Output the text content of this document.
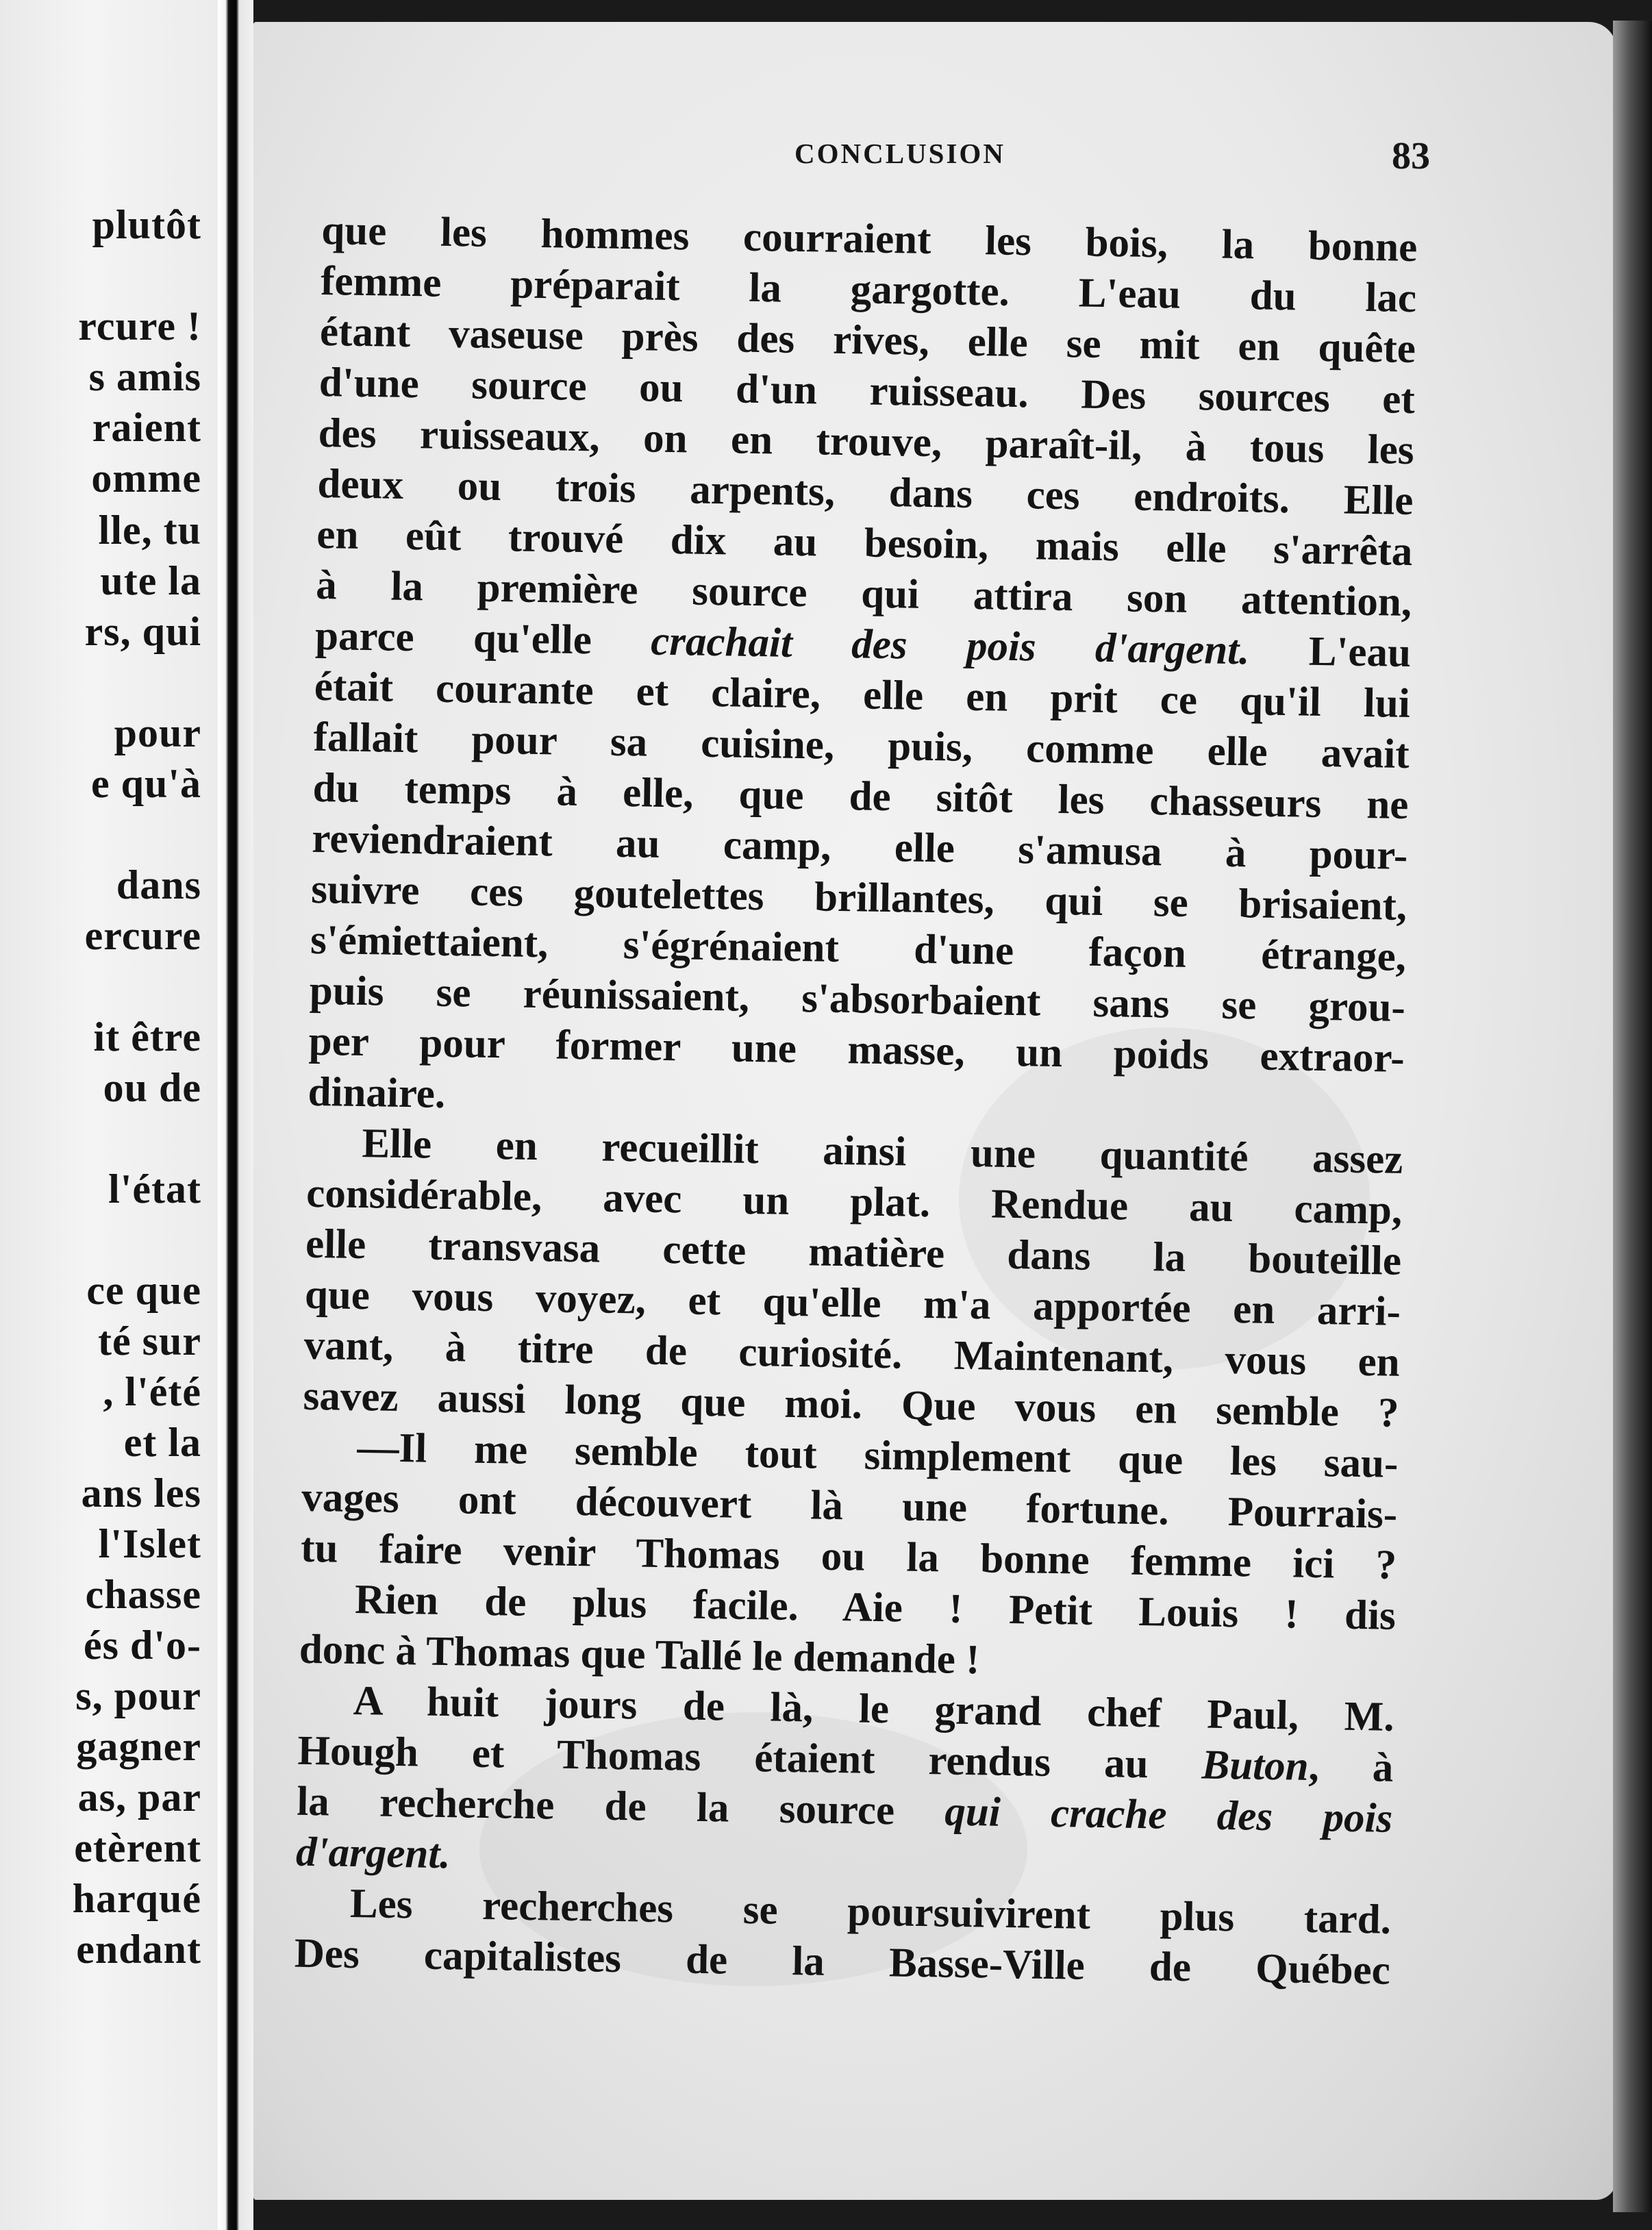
plutôt
rcure !
s amis
raient
omme
lle, tu
ute la
rs, qui
pour
e qu'à
dans
ercure
it être
ou de
l'état
ce que
té sur
, l'été
et la
ans les
l'Islet
chasse
és d'o-
s, pour
gagner
as, par
etèrent
harqué
endant
CONCLUSION	83
que les hommes courraient les bois, la bonne
femme préparait la gargotte. L'eau du lac
étant vaseuse près des rives, elle se mit en quête
d'une source ou d'un ruisseau. Des sources et
des ruisseaux, on en trouve, paraît-il, à tous les
deux ou trois arpents, dans ces endroits. Elle
en eût trouvé dix au besoin, mais elle s'arrêta
à la première source qui attira son attention,
parce qu'elle crachait des pois d'argent. L'eau
était courante et claire, elle en prit ce qu'il lui
fallait pour sa cuisine, puis, comme elle avait
du temps à elle, que de sitôt les chasseurs ne
reviendraient au camp, elle s'amusa à pour-
suivre ces goutelettes brillantes, qui se brisaient,
s'émiettaient, s'égrénaient d'une façon étrange,
puis se réunissaient, s'absorbaient sans se grou-
per pour former une masse, un poids extraor-
dinaire.
Elle en recueillit ainsi une quantité assez
considérable, avec un plat. Rendue au camp,
elle transvasa cette matière dans la bouteille
que vous voyez, et qu'elle m'a apportée en arri-
vant, à titre de curiosité. Maintenant, vous en
savez aussi long que moi. Que vous en semble ?
—Il me semble tout simplement que les sau-
vages ont découvert là une fortune. Pourrais-
tu faire venir Thomas ou la bonne femme ici ?
Rien de plus facile. Aie ! Petit Louis ! dis
donc à Thomas que Tallé le demande !
A huit jours de là, le grand chef Paul, M.
Hough et Thomas étaient rendus au Buton, à
la recherche de la source qui crache des pois
d'argent.
Les recherches se poursuivirent plus tard.
Des capitalistes de la Basse-Ville de Québec
